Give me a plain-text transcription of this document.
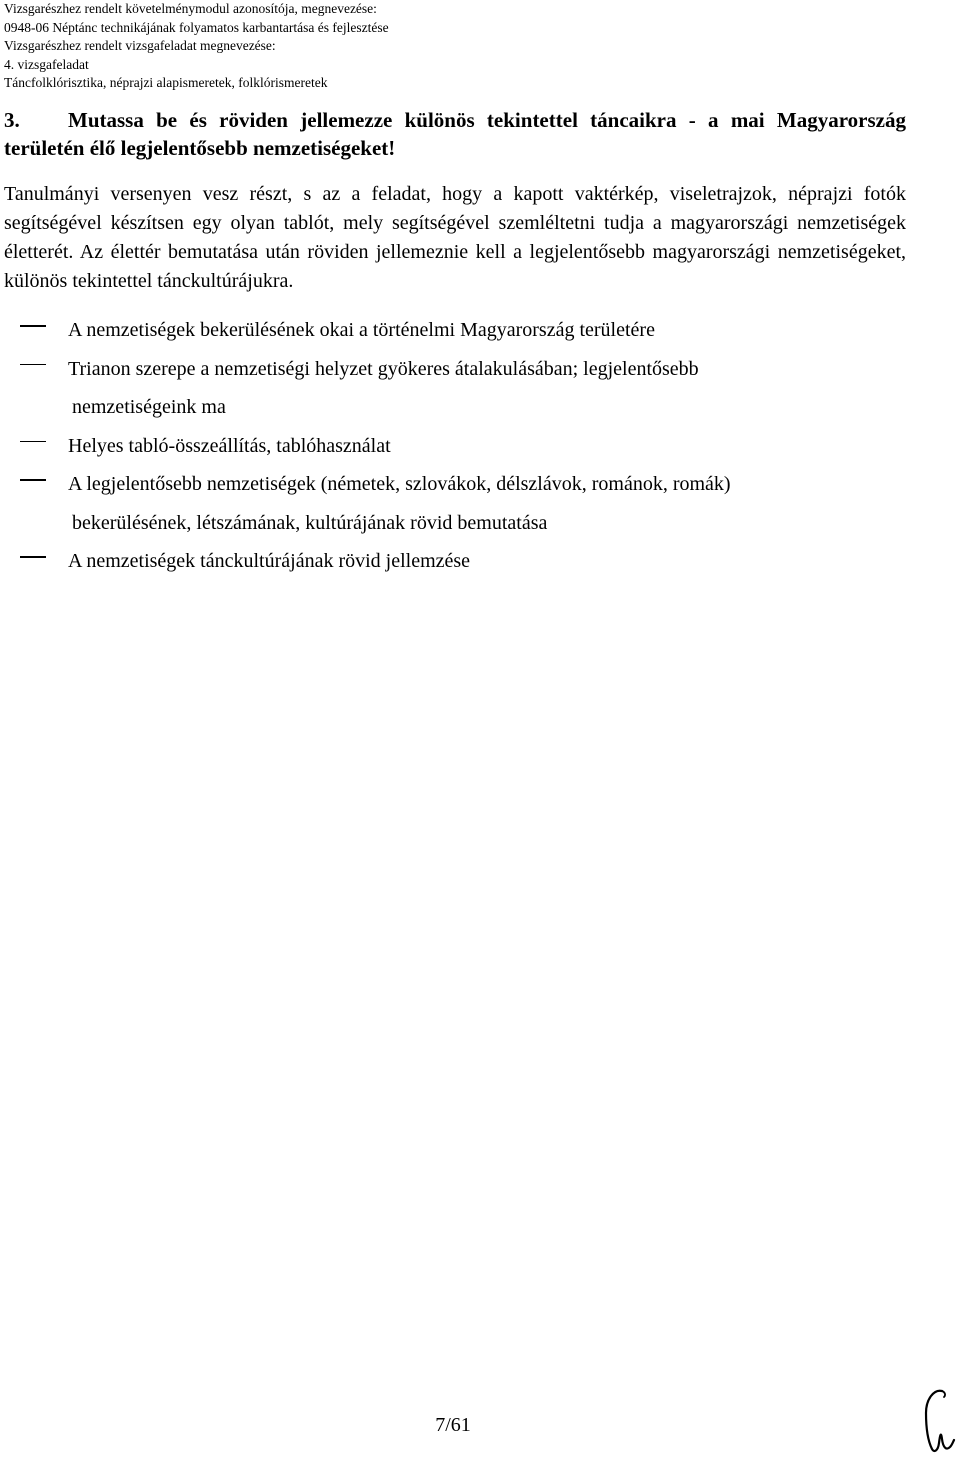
Vizsgarészhez rendelt követelménymodul azonosítója, megnevezése:
0948-06 Néptánc technikájának folyamatos karbantartása és fejlesztése
Vizsgarészhez rendelt vizsgafeladat megnevezése:
4. vizsgafeladat
Táncfolklórisztika, néprajzi alapismeretek, folklórismeretek
3.	Mutassa be és röviden jellemezze különös tekintettel táncaikra - a mai Magyarország területén élő legjelentősebb nemzetiségeket!
Tanulmányi versenyen vesz részt, s az a feladat, hogy a kapott vaktérkép, viseletrajzok, néprajzi fotók segítségével készítsen egy olyan tablót, mely segítségével szemléltetni tudja a magyarországi nemzetiségek életterét. Az élettér bemutatása után röviden jellemeznie kell a legjelentősebb magyarországi nemzetiségeket, különös tekintettel tánckultúrájukra.
A nemzetiségek bekerülésének okai a történelmi Magyarország területére
Trianon szerepe a nemzetiségi helyzet gyökeres átalakulásában; legjelentősebb
nemzetiségeink ma
Helyes tabló-összeállítás, tablóhasználat
A legjelentősebb nemzetiségek (németek, szlovákok, délszlávok, románok, romák)
bekerülésének, létszámának, kultúrájának rövid bemutatása
A nemzetiségek tánckultúrájának rövid jellemzése
7/61
